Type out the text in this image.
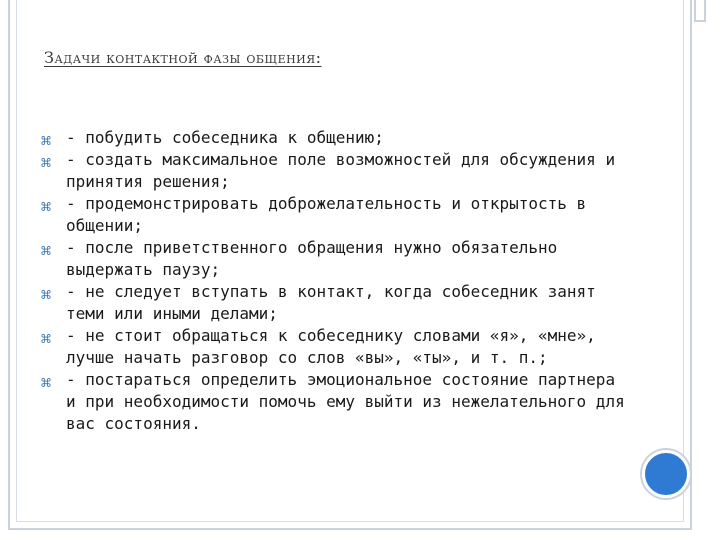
Задачи контактной фазы общения:
⌘ - побудить собеседника к общению;
⌘ - создать максимальное поле возможностей для обсуждения и принятия решения;
⌘ - продемонстрировать доброжелательность и открытость в общении;
⌘ - после приветственного обращения нужно обязательно выдержать паузу;
⌘ - не следует вступать в контакт, когда собеседник занят теми или иными делами;
⌘ - не стоит обращаться к собеседнику словами «я», «мне», лучше начать разговор со слов «вы», «ты», и т. п.;
⌘ - постараться определить эмоциональное состояние партнера и при необходимости помочь ему выйти из нежелательного для вас состояния.
